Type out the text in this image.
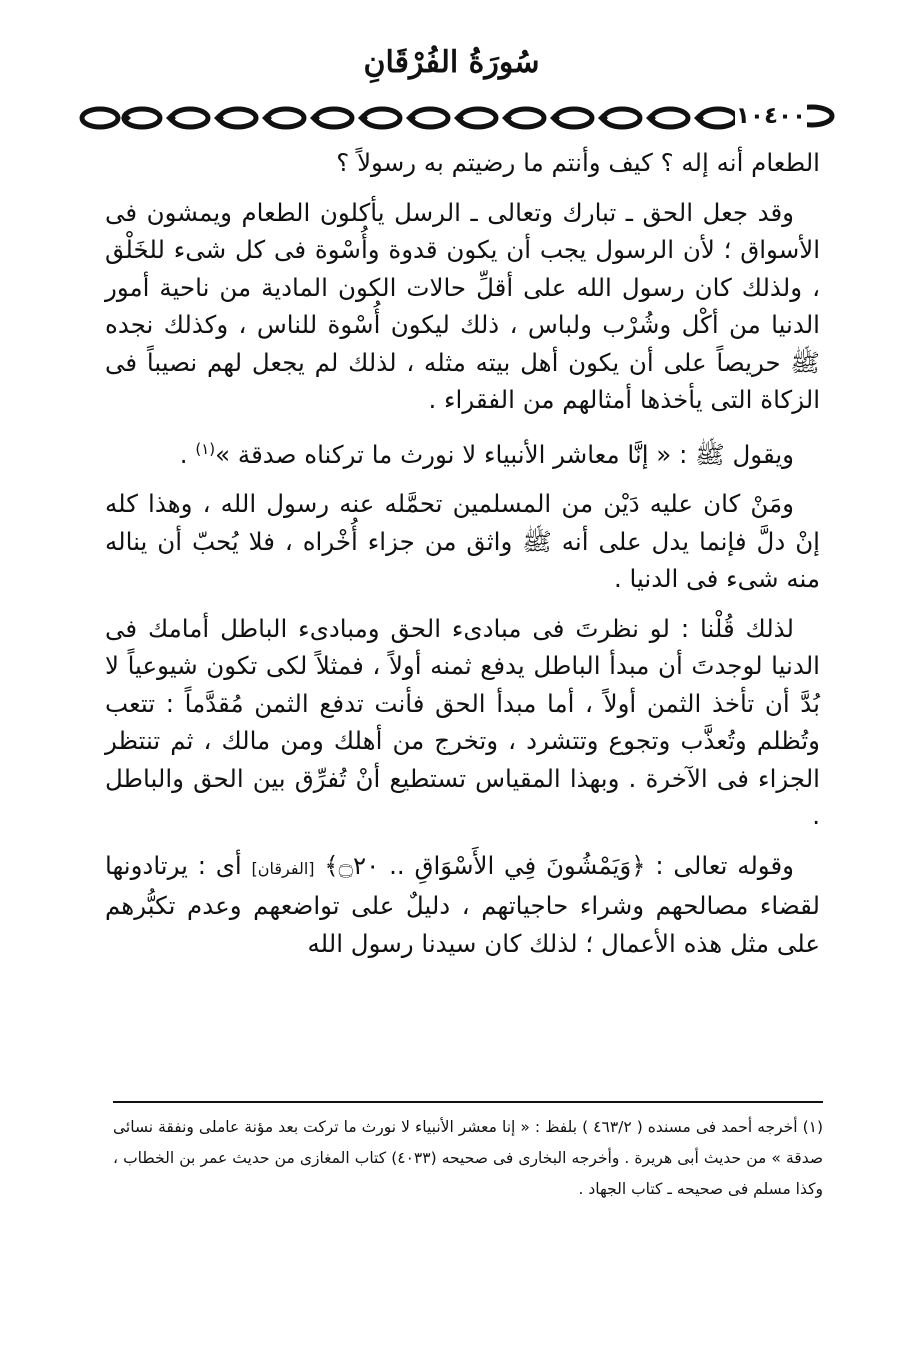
سُورَةُ الفُرْقَانِ
١٠٤٠٠

الطعام أنه إله ؟ كيف وأنتم ما رضيتم به رسولاً ؟

وقد جعل الحق ـ تبارك وتعالى ـ الرسل يأكلون الطعام ويمشون فى الأسواق ؛ لأن الرسول يجب أن يكون قدوة وأُسْوة فى كل شىء للخَلْق ، ولذلك كان رسول الله على أقلِّ حالات الكون المادية من ناحية أمور الدنيا من أكْل وشُرْب ولباس ، ذلك ليكون أُسْوة للناس ، وكذلك نجده ﷺ حريصاً على أن يكون أهل بيته مثله ، لذلك لم يجعل لهم نصيباً فى الزكاة التى يأخذها أمثالهم من الفقراء .

ويقول ﷺ : « إنَّا معاشر الأنبياء لا نورث ما تركناه صدقة »$^{(١)}$ .

ومَنْ كان عليه دَيْن من المسلمين تحمَّله عنه رسول الله ، وهذا كله إنْ دلَّ فإنما يدل على أنه ﷺ واثق من جزاء أُخْراه ، فلا يُحبّ أن يناله منه شىء فى الدنيا .

لذلك قُلْنا : لو نظرتَ فى مبادىء الحق ومبادىء الباطل أمامك فى الدنيا لوجدتَ أن مبدأ الباطل يدفع ثمنه أولاً ، فمثلاً لكى تكون شيوعياً لا بُدَّ أن تأخذ الثمن أولاً ، أما مبدأ الحق فأنت تدفع الثمن مُقدَّماً : تتعب وتُظلم وتُعذَّب وتجوع وتتشرد ، وتخرج من أهلك ومن مالك ، ثم تنتظر الجزاء فى الآخرة . وبهذا المقياس تستطيع أنْ تُفرِّق بين الحق والباطل .

وقوله تعالى : ﴿وَيَمْشُونَ فِي الأَسْوَاقِ .. ۝٢٠﴾ [الفرقان] أى : يرتادونها لقضاء مصالحهم وشراء حاجياتهم ، دليلٌ على تواضعهم وعدم تكبُّرهم على مثل هذه الأعمال ؛ لذلك كان سيدنا رسول الله

(١) أخرجه أحمد فى مسنده ( ٤٦٣/٢ ) بلفظ : « إنا معشر الأنبياء لا نورث ما تركت بعد مؤنة عاملى ونفقة نسائى صدقة » من حديث أبى هريرة . وأخرجه البخارى فى صحيحه (٤٠٣٣) كتاب المغازى من حديث عمر بن الخطاب ، وكذا مسلم فى صحيحه ـ كتاب الجهاد .
